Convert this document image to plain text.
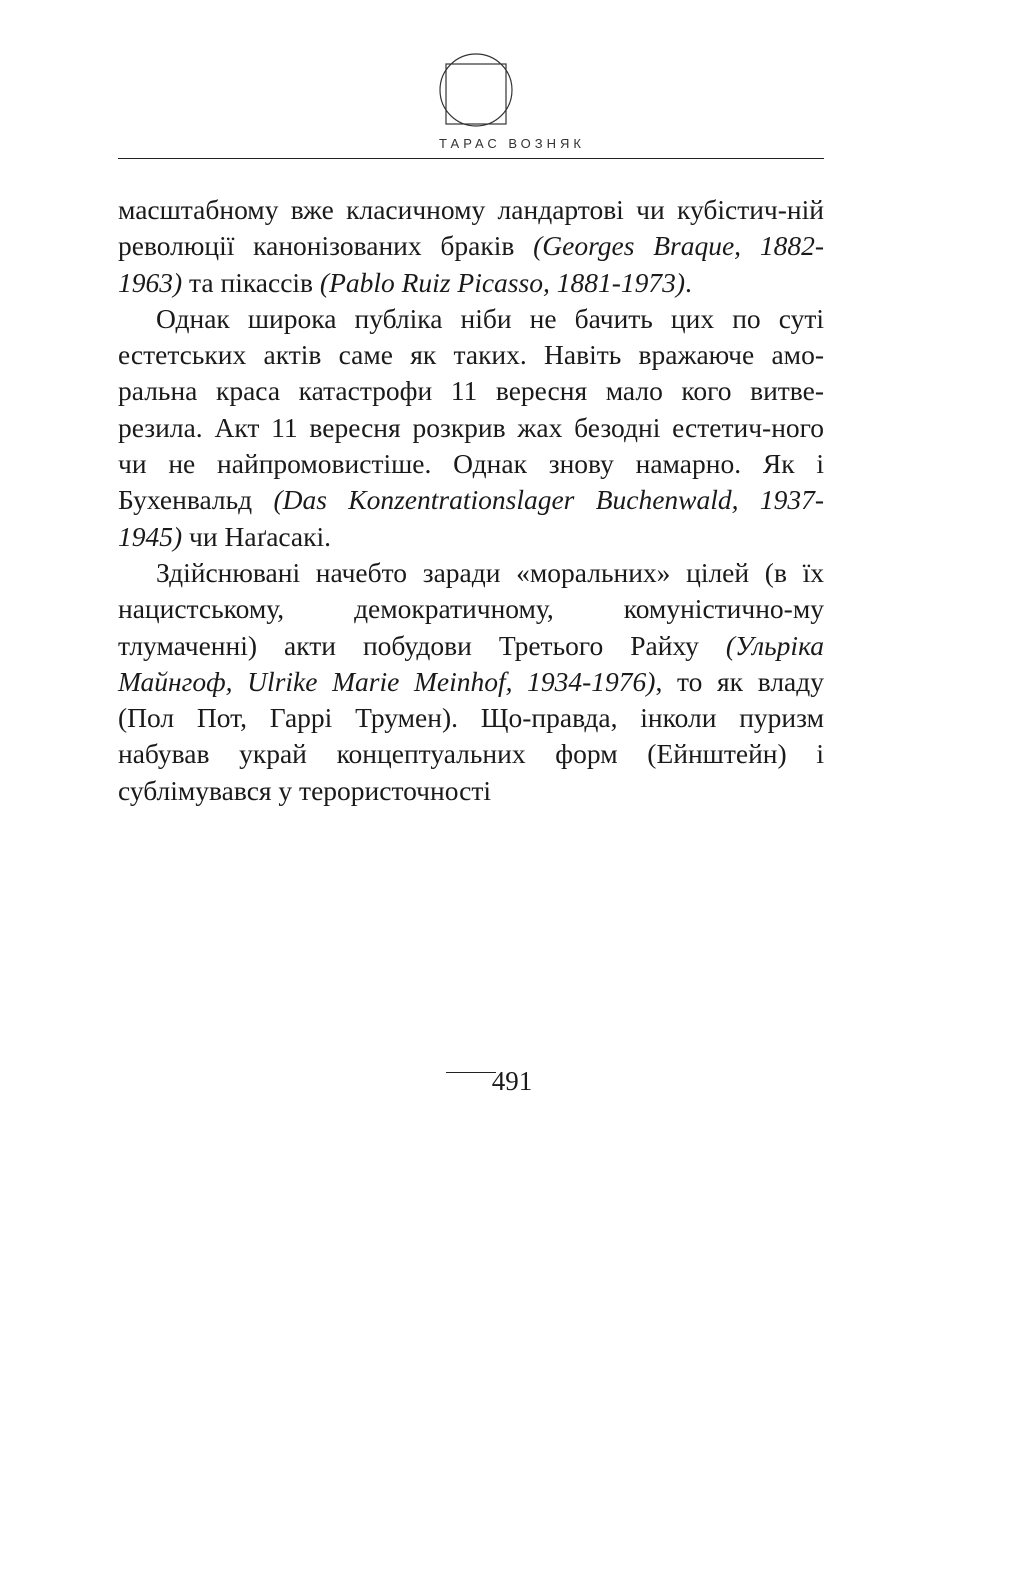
ТАРАС ВОЗНЯК

масштабному вже класичному ландартові чи кубістич-ній революції канонізованих браків (Georges Braque, 1882-1963) та пікассів (Pablo Ruiz Picasso, 1881-1973).

Однак широка публіка ніби не бачить цих по суті естетських актів саме як таких. Навіть вражаюче амо-ральна краса катастрофи 11 вересня мало кого витве-резила. Акт 11 вересня розкрив жах безодні естетич-ного чи не найпромовистіше. Однак знову намарно. Як і Бухенвальд (Das Konzentrationslager Buchenwald, 1937-1945) чи Наґасакі.

Здійснювані начебто заради «моральних» цілей (в їх нацистському, демократичному, комуністично-му тлумаченні) акти побудови Третього Райху (Ульріка Майнгоф, Ulrike Marie Meinhof, 1934-1976), то як владу (Пол Пот, Гаррі Трумен). Що-правда, інколи пуризм набував украй концептуальних форм (Ейнштейн) і сублімувався у терористочності

491
